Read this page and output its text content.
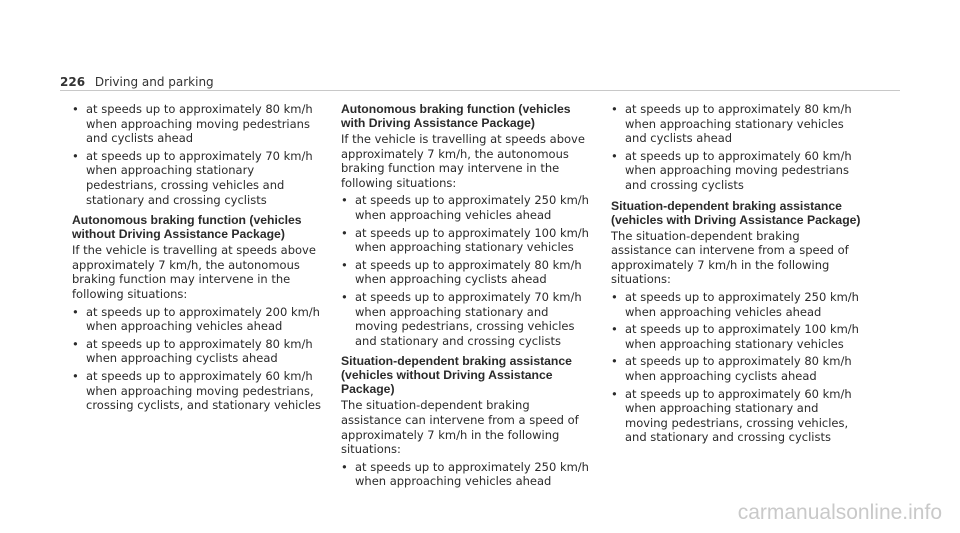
226 Driving and parking
• at speeds up to approximately 80 km/h when approaching moving pedestrians and cyclists ahead
• at speeds up to approximately 70 km/h when approaching stationary pedestrians, crossing vehicles and stationary and crossing cyclists
Autonomous braking function (vehicles without Driving Assistance Package)
If the vehicle is travelling at speeds above approximately 7 km/h, the autonomous braking function may intervene in the following situations:
• at speeds up to approximately 200 km/h when approaching vehicles ahead
• at speeds up to approximately 80 km/h when approaching cyclists ahead
• at speeds up to approximately 60 km/h when approaching moving pedestrians, crossing cyclists, and stationary vehicles
Autonomous braking function (vehicles with Driving Assistance Package)
If the vehicle is travelling at speeds above approximately 7 km/h, the autonomous braking function may intervene in the following situations:
• at speeds up to approximately 250 km/h when approaching vehicles ahead
• at speeds up to approximately 100 km/h when approaching stationary vehicles
• at speeds up to approximately 80 km/h when approaching cyclists ahead
• at speeds up to approximately 70 km/h when approaching stationary and moving pedestrians, crossing vehicles and stationary and crossing cyclists
Situation-dependent braking assistance (vehicles without Driving Assistance Package)
The situation-dependent braking assistance can intervene from a speed of approximately 7 km/h in the following situations:
• at speeds up to approximately 250 km/h when approaching vehicles ahead
• at speeds up to approximately 80 km/h when approaching stationary vehicles and cyclists ahead
• at speeds up to approximately 60 km/h when approaching moving pedestrians and crossing cyclists
Situation-dependent braking assistance (vehicles with Driving Assistance Package)
The situation-dependent braking assistance can intervene from a speed of approximately 7 km/h in the following situations:
• at speeds up to approximately 250 km/h when approaching vehicles ahead
• at speeds up to approximately 100 km/h when approaching stationary vehicles
• at speeds up to approximately 80 km/h when approaching cyclists ahead
• at speeds up to approximately 60 km/h when approaching stationary and moving pedestrians, crossing vehicles, and stationary and crossing cyclists
carmanualsonline.info
